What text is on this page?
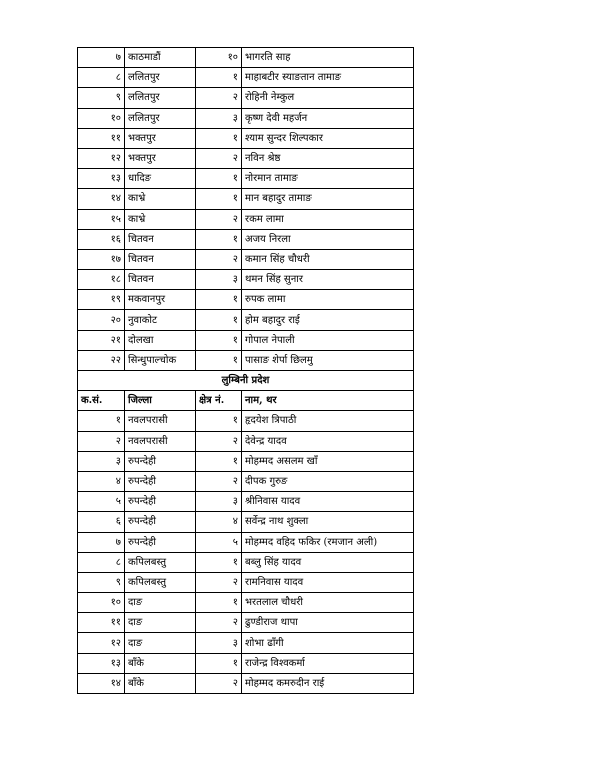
७	काठमाडौं	१०	भागरति साह
८	ललितपुर	१	माहाबटीर स्याङतान तामाङ
९	ललितपुर	२	रोहिनी नेम्कुल
१०	ललितपुर	३	कृष्ण देवी महर्जन
११	भक्तपुर	१	श्याम सुन्दर शिल्पकार
१२	भक्तपुर	२	नविन श्रेष्ठ
१३	धादिङ	१	नोरमान तामाङ
१४	काभ्रे	१	मान बहादुर तामाङ
१५	काभ्रे	२	रकम लामा
१६	चितवन	१	अजय निरला
१७	चितवन	२	कमान सिंह चौधरी
१८	चितवन	३	थमन सिंह सुनार
१९	मकवानपुर	१	रुपक लामा
२०	नुवाकोट	१	होम बहादुर राई
२१	दोलखा	१	गोपाल नेपाली
२२	सिन्धुपाल्चोक	१	पासाङ शेर्पा छिलमु
लुम्बिनी प्रदेश			
क.सं.	जिल्ला	क्षेत्र नं.	नाम, थर
१	नवलपरासी	१	हृदयेश त्रिपाठी
२	नवलपरासी	२	देवेन्द्र यादव
३	रुपन्देही	१	मोहम्मद असलम खाँ
४	रुपन्देही	२	दीपक गुरुङ
५	रुपन्देही	३	श्रीनिवास यादव
६	रुपन्देही	४	सर्वेन्द्र नाथ शुक्ला
७	रुपन्देही	५	मोहम्मद वहिद फकिर (रमजान अली)
८	कपिलबस्तु	१	बब्लु सिंह यादव
९	कपिलबस्तु	२	रामनिवास यादव
१०	दाङ	१	भरतलाल चौधरी
११	दाङ	२	ढुण्डीराज थापा
१२	दाङ	३	शोभा ढाँगी
१३	बाँके	१	राजेन्द्र विश्वकर्मा
१४	बाँके	२	मोहम्मद कमरुदीन राई
